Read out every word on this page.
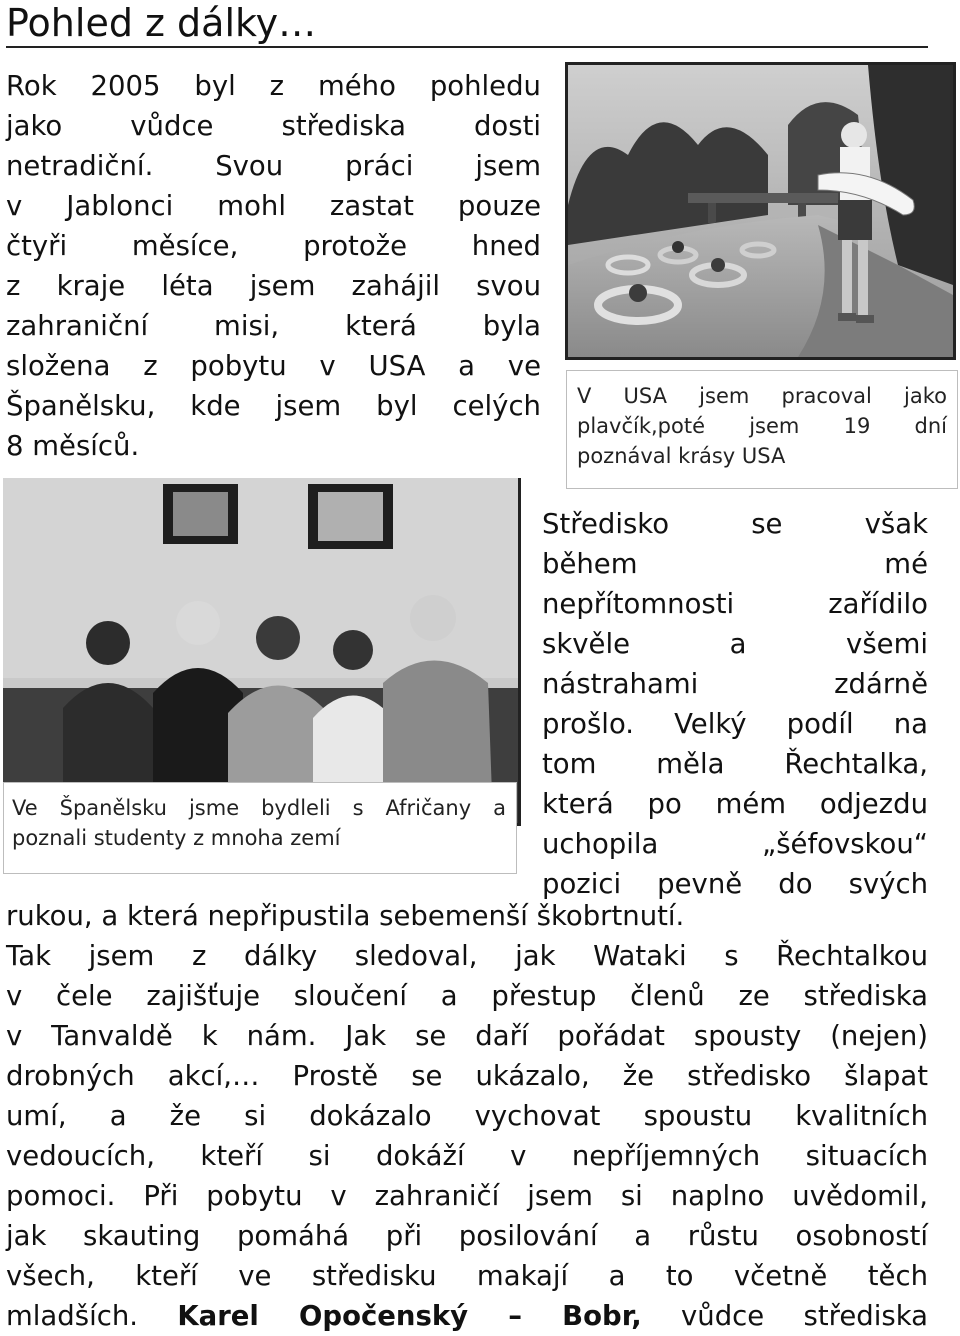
Pohled z dálky…
Rok 2005 byl z mého pohledu
jako vůdce střediska dosti
netradiční. Svou práci jsem
v Jablonci mohl zastat pouze
čtyři měsíce, protože hned
z kraje léta jsem zahájil svou
zahraniční misi, která byla
složena z pobytu v USA a ve
Španělsku, kde jsem byl celých
8 měsíců.
V USA jsem pracoval jako
plavčík,poté jsem 19 dní
poznával krásy USA
Ve Španělsku jsme bydleli s Afričany a
poznali studenty z mnoha zemí
Středisko se však
během mé
nepřítomnosti zařídilo
skvěle a všemi
nástrahami zdárně
prošlo. Velký podíl na
tom měla Řechtalka,
která po mém odjezdu
uchopila „šéfovskou“
pozici pevně do svých
rukou, a která nepřipustila sebemenší škobrtnutí.
Tak jsem z dálky sledoval, jak Wataki s Řechtalkou
v čele zajišťuje sloučení a přestup členů ze střediska
v Tanvaldě k nám. Jak se daří pořádat spousty (nejen)
drobných akcí,… Prostě se ukázalo, že středisko šlapat
umí, a že si dokázalo vychovat spoustu kvalitních
vedoucích, kteří si dokáží v nepříjemných situacích
pomoci. Při pobytu v zahraničí jsem si naplno uvědomil,
jak skauting pomáhá při posilování a růstu osobností
všech, kteří ve středisku makají a to včetně těch
mladších. Karel Opočenský – Bobr, vůdce střediska
